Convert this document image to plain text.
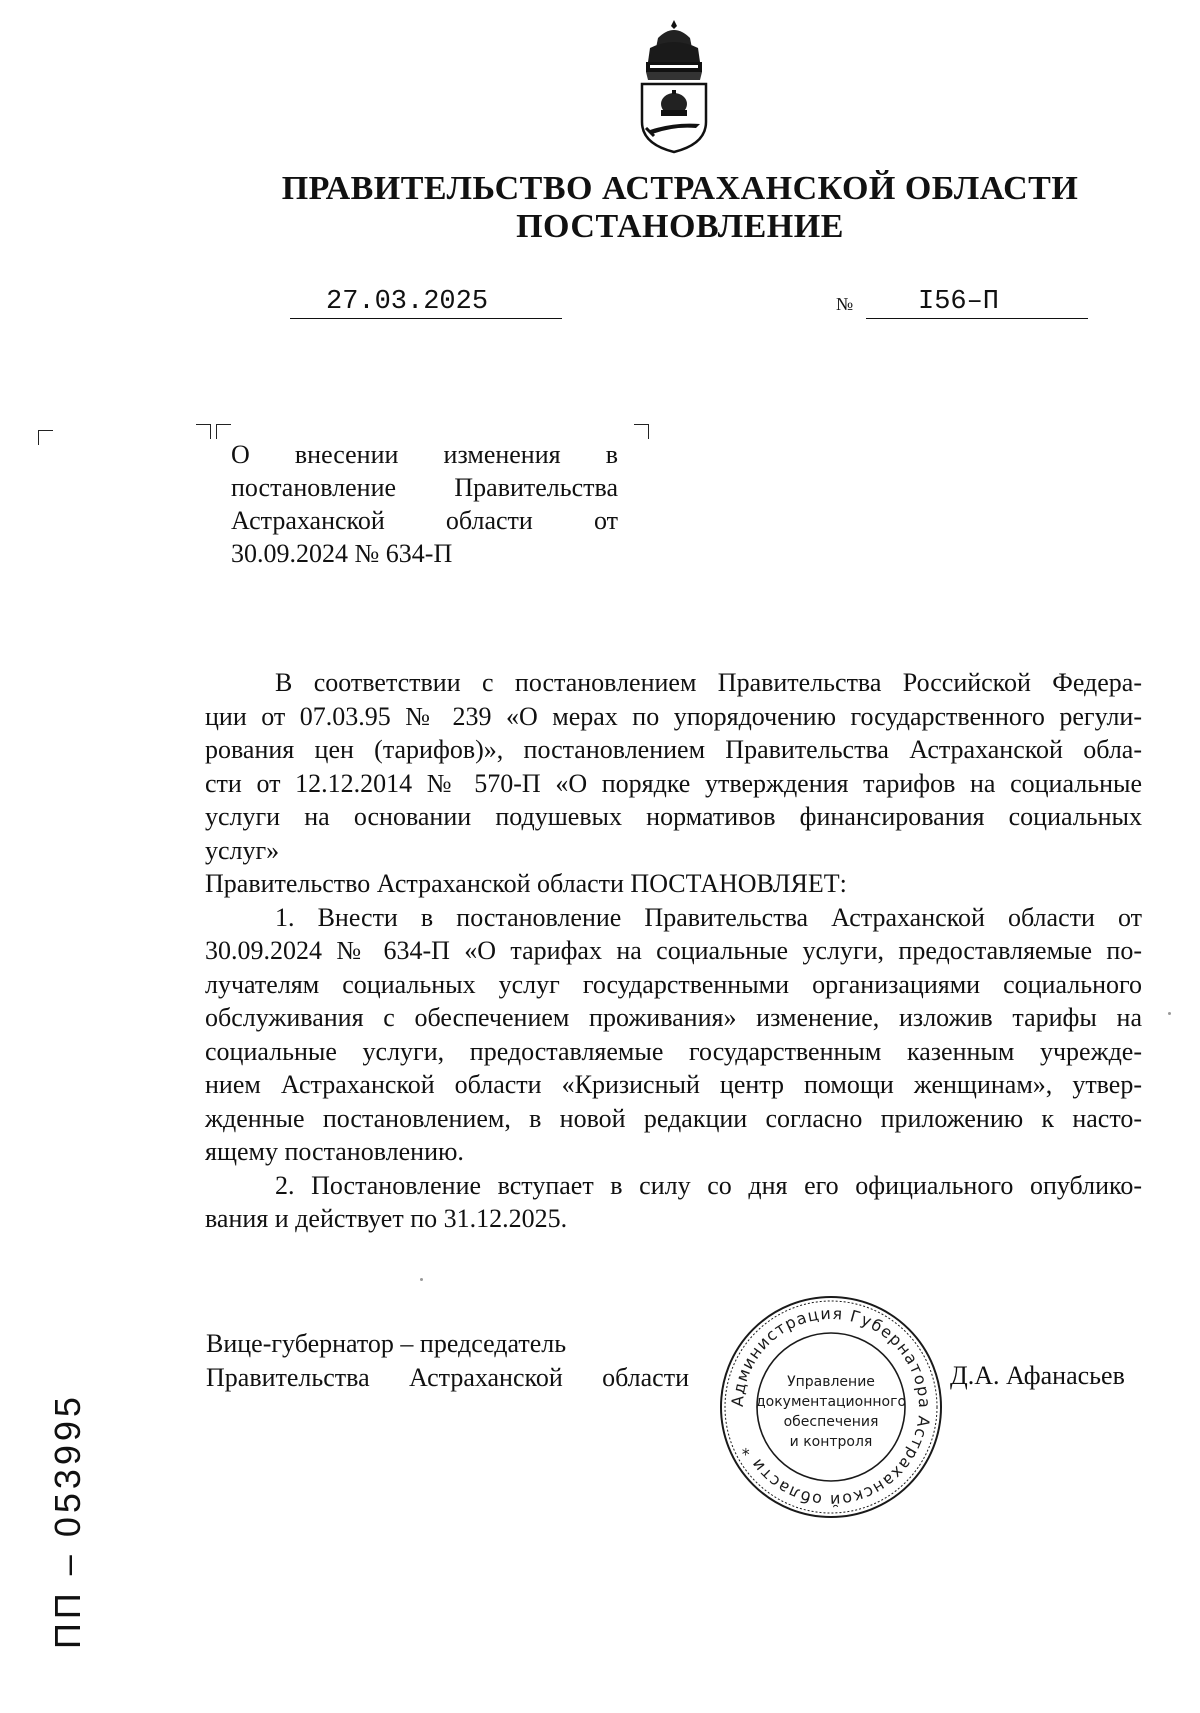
ПРАВИТЕЛЬСТВО АСТРАХАНСКОЙ ОБЛАСТИ
ПОСТАНОВЛЕНИЕ
27.03.2025	№ I56–П
О внесении изменения в
постановление Правительства
Астраханской области от
30.09.2024 № 634-П
В соответствии с постановлением Правительства Российской Федера-
ции от 07.03.95 № 239 «О мерах по упорядочению государственного регули-
рования цен (тарифов)», постановлением Правительства Астраханской обла-
сти от 12.12.2014 № 570-П «О порядке утверждения тарифов на социальные
услуги на основании подушевых нормативов финансирования социальных
услуг»
Правительство Астраханской области ПОСТАНОВЛЯЕТ:
1. Внести в постановление Правительства Астраханской области от
30.09.2024 № 634-П «О тарифах на социальные услуги, предоставляемые по-
лучателям социальных услуг государственными организациями социального
обслуживания с обеспечением проживания» изменение, изложив тарифы на
социальные услуги, предоставляемые государственным казенным учрежде-
нием Астраханской области «Кризисный центр помощи женщинам», утвер-
жденные постановлением, в новой редакции согласно приложению к насто-
ящему постановлению.
2. Постановление вступает в силу со дня его официального опублико-
вания и действует по 31.12.2025.
Вице-губернатор – председатель
Правительства Астраханской области
Администрация Губернатора Астраханской области *
Управление
документационного
обеспечения
и контроля
Д.А. Афанасьев
ПП – 053995
